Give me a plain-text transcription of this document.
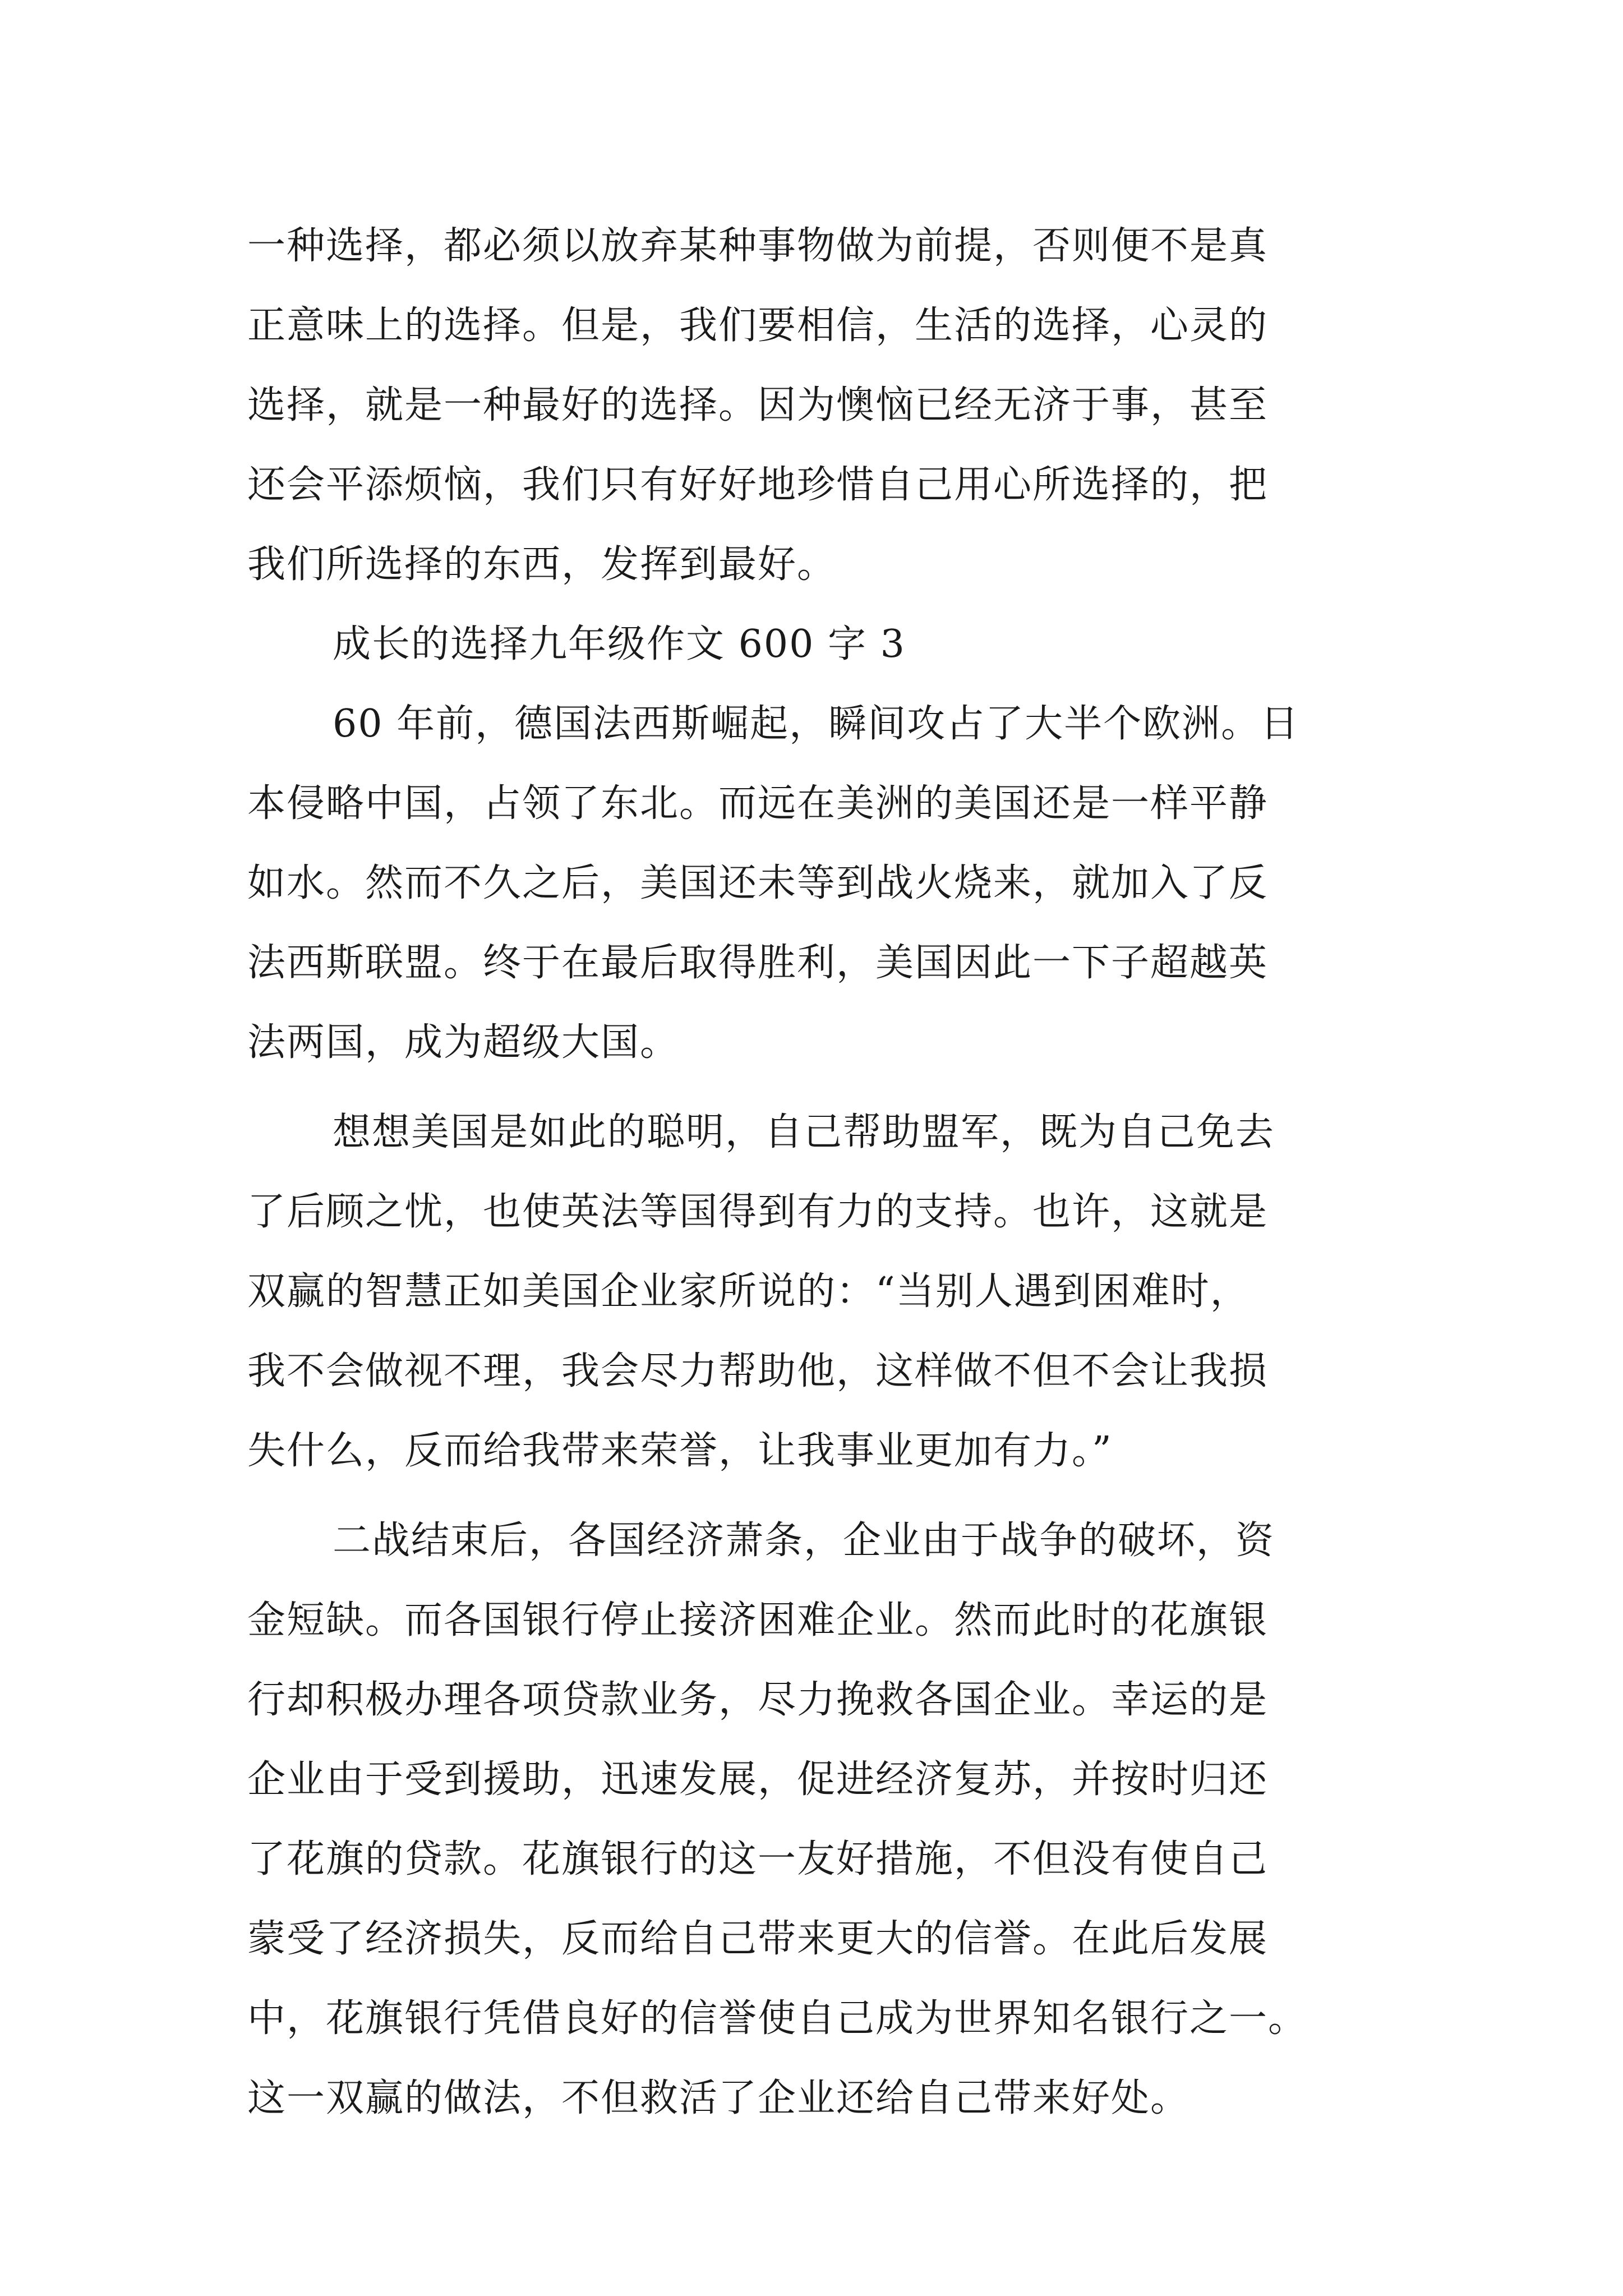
一种选择，都必须以放弃某种事物做为前提，否则便不是真
正意味上的选择。但是，我们要相信，生活的选择，心灵的
选择，就是一种最好的选择。因为懊恼已经无济于事，甚至
还会平添烦恼，我们只有好好地珍惜自己用心所选择的，把
我们所选择的东西，发挥到最好。
成长的选择九年级作文 600 字 3
60 年前，德国法西斯崛起，瞬间攻占了大半个欧洲。日
本侵略中国，占领了东北。而远在美洲的美国还是一样平静
如水。然而不久之后，美国还未等到战火烧来，就加入了反
法西斯联盟。终于在最后取得胜利，美国因此一下子超越英
法两国，成为超级大国。
想想美国是如此的聪明，自己帮助盟军，既为自己免去
了后顾之忧，也使英法等国得到有力的支持。也许，这就是
双赢的智慧正如美国企业家所说的：“当别人遇到困难时，
我不会做视不理，我会尽力帮助他，这样做不但不会让我损
失什么，反而给我带来荣誉，让我事业更加有力。”
二战结束后，各国经济萧条，企业由于战争的破坏，资
金短缺。而各国银行停止接济困难企业。然而此时的花旗银
行却积极办理各项贷款业务，尽力挽救各国企业。幸运的是
企业由于受到援助，迅速发展，促进经济复苏，并按时归还
了花旗的贷款。花旗银行的这一友好措施，不但没有使自己
蒙受了经济损失，反而给自己带来更大的信誉。在此后发展
中，花旗银行凭借良好的信誉使自己成为世界知名银行之一。
这一双赢的做法，不但救活了企业还给自己带来好处。
